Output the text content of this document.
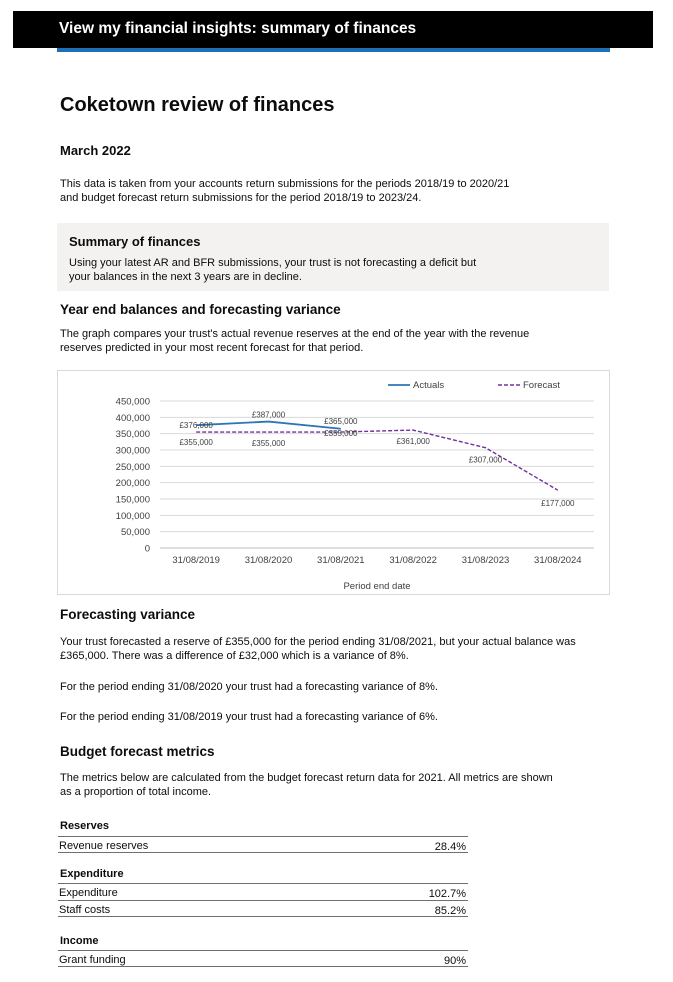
View my financial insights: summary of finances
Coketown review of finances
March 2022
This data is taken from your accounts return submissions for the periods 2018/19 to 2020/21 and budget forecast return submissions for the period 2018/19 to 2023/24.
Summary of finances
Using your latest AR and BFR submissions, your trust is not forecasting a deficit but your balances in the next 3 years are in decline.
Year end balances and forecasting variance
The graph compares your trust's actual revenue reserves at the end of the year with the revenue reserves predicted in your most recent forecast for that period.
450,000
400,000
350,000
300,000
250,000
200,000
150,000
100,000
50,000
0
31/08/2019	31/08/2020	31/08/2021	31/08/2022	31/08/2023	31/08/2024
Period end date
£376,000
£387,000
£365,000
£355,000	£355,000
£355,000
£361,000
£307,000
£177,000
Actuals	Forecast
Forecasting variance
Your trust forecasted a reserve of £355,000 for the period ending 31/08/2021, but your actual balance was £365,000. There was a difference of £32,000 which is a variance of 8%.
For the period ending 31/08/2020 your trust had a forecasting variance of 8%.
For the period ending 31/08/2019 your trust had a forecasting variance of 6%.
Budget forecast metrics
The metrics below are calculated from the budget forecast return data for 2021. All metrics are shown as a proportion of total income.
Reserves
Revenue reserves	28.4%
Expenditure
Expenditure	102.7%
Staff costs	85.2%
Income
Grant funding	90%
